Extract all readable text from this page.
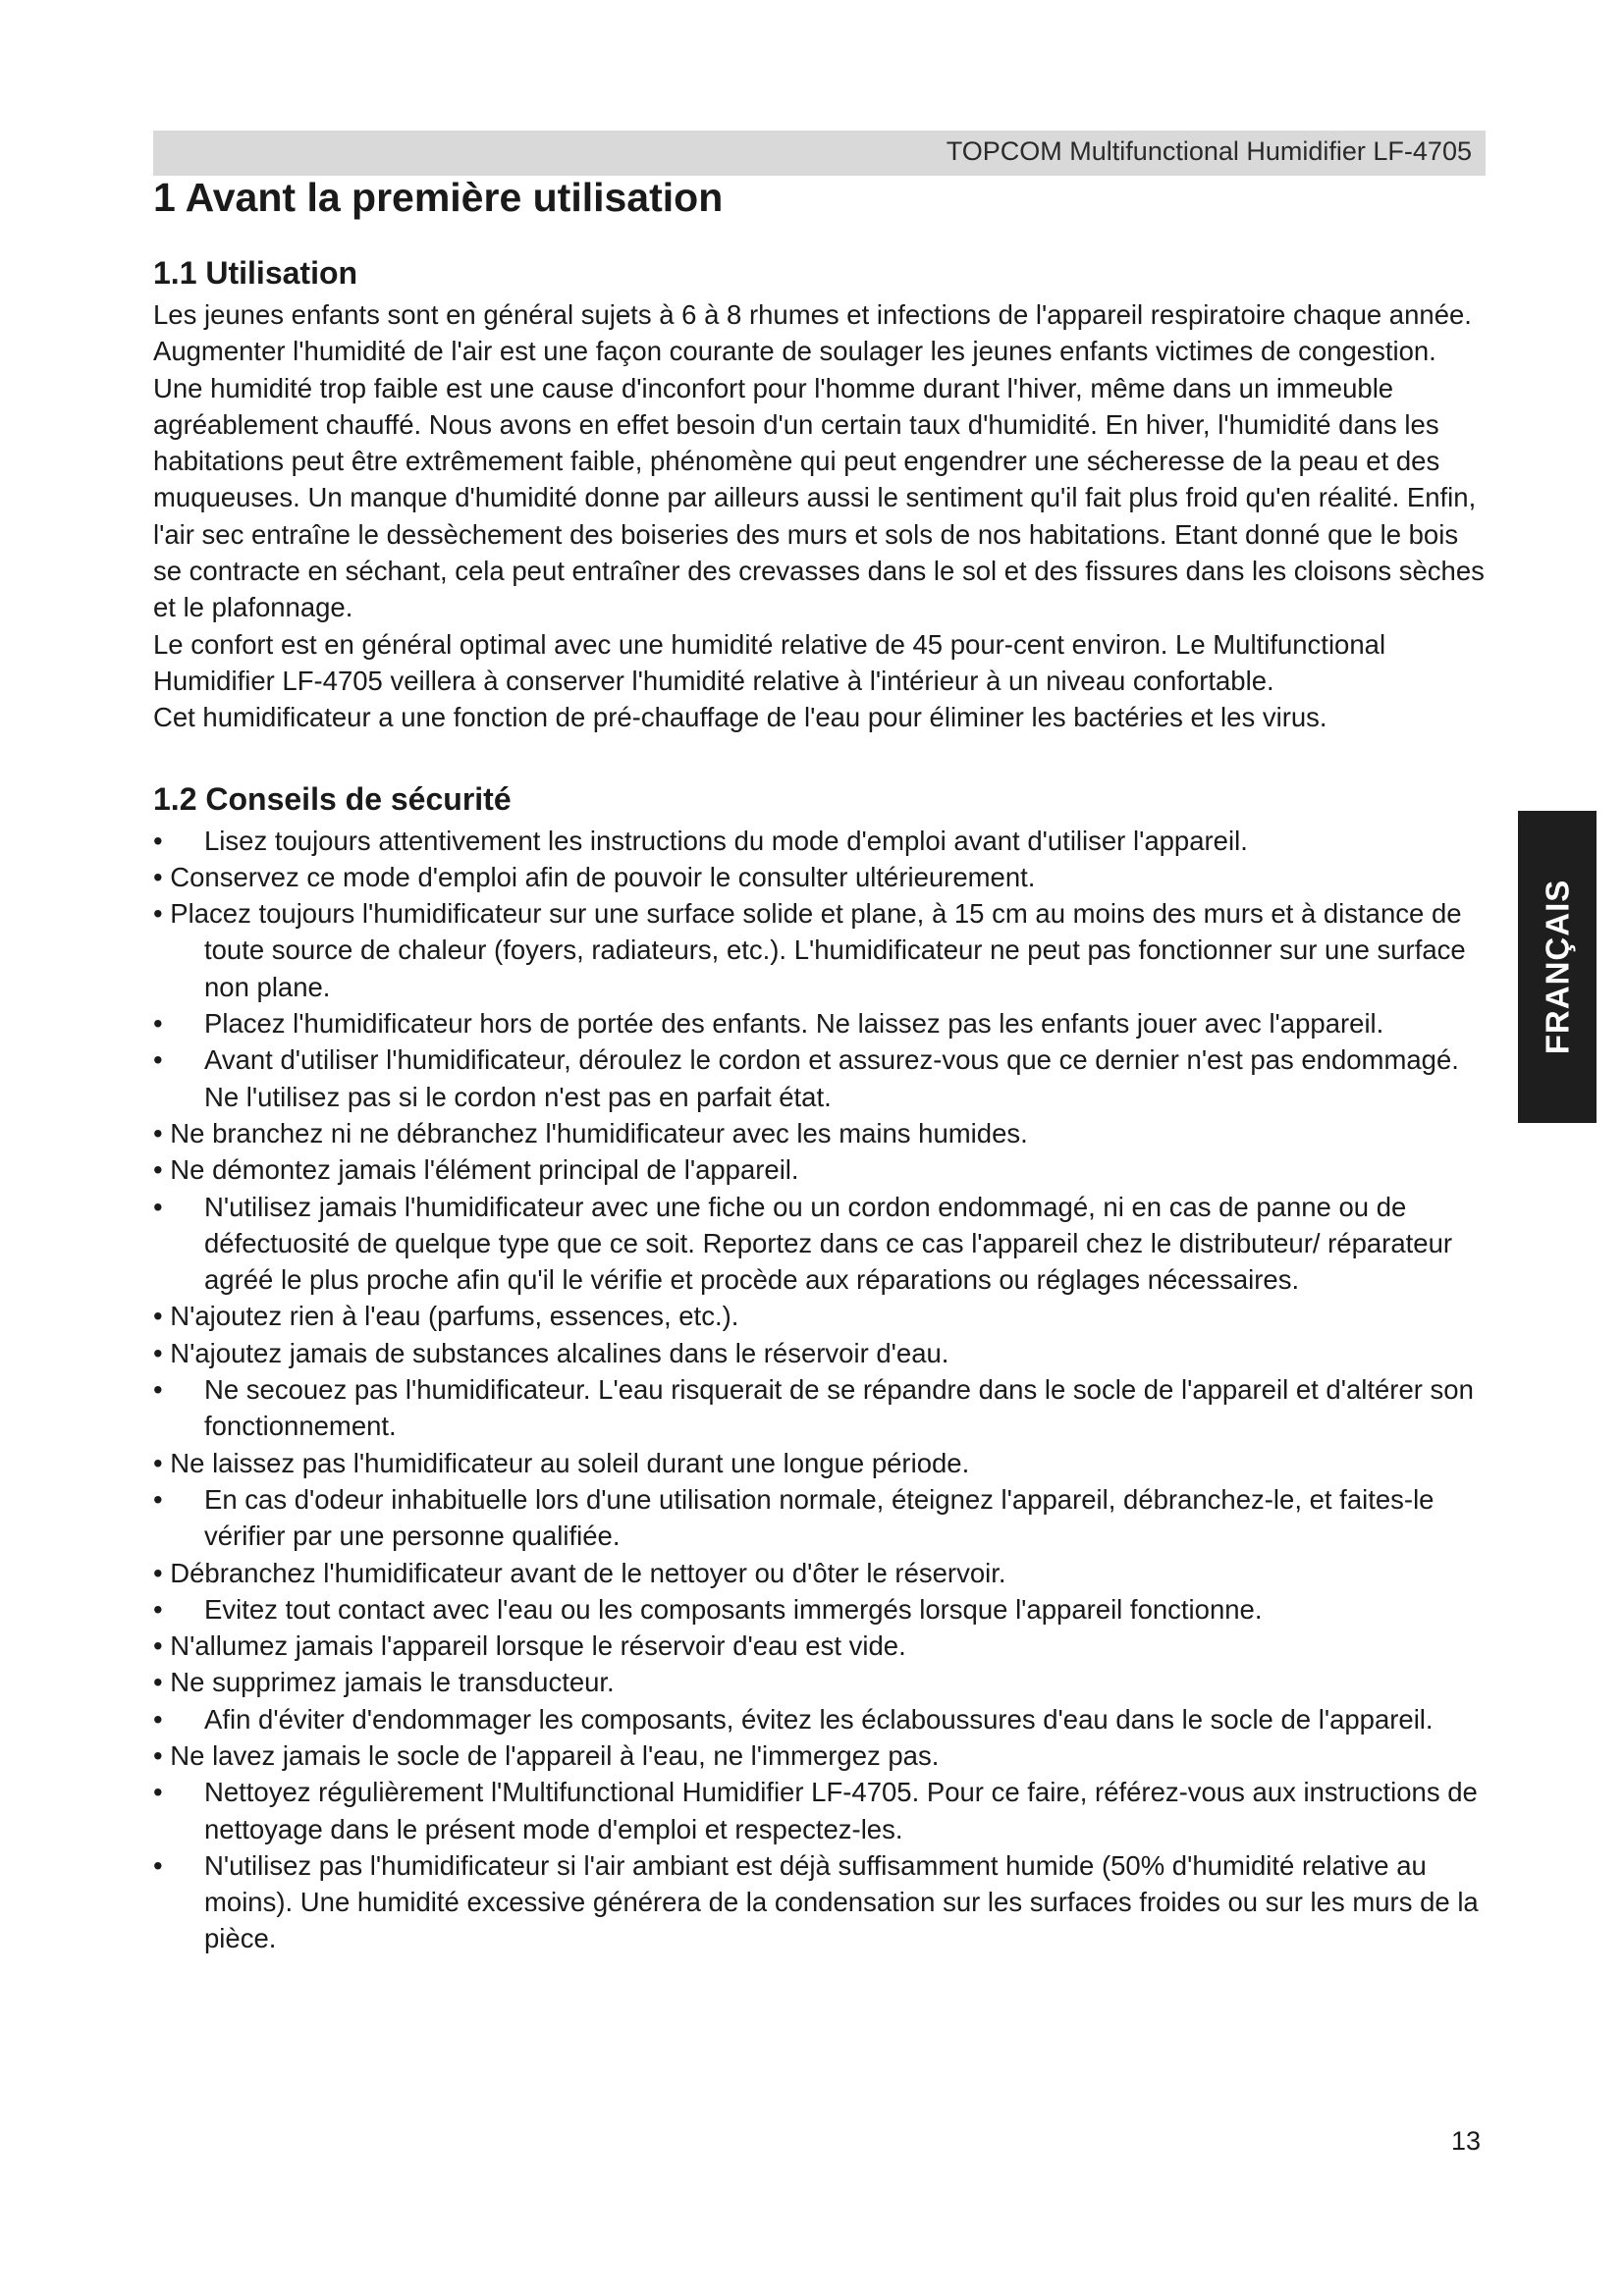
TOPCOM Multifunctional Humidifier LF-4705
1 Avant la première utilisation
1.1 Utilisation

Les jeunes enfants sont en général sujets à 6 à 8 rhumes et infections de l'appareil respiratoire chaque année. Augmenter l'humidité de l'air est une façon courante de soulager les jeunes enfants victimes de congestion.

Une humidité trop faible est une cause d'inconfort pour l'homme durant l'hiver, même dans un immeuble agréablement chauffé. Nous avons en effet besoin d'un certain taux d'humidité. En hiver, l'humidité dans les habitations peut être extrêmement faible, phénomène qui peut engendrer une sécheresse de la peau et des muqueuses. Un manque d'humidité donne par ailleurs aussi le sentiment qu'il fait plus froid qu'en réalité. Enfin, l'air sec entraîne le dessèchement des boiseries des murs et sols de nos habitations. Etant donné que le bois se contracte en séchant, cela peut entraîner des crevasses dans le sol et des fissures dans les cloisons sèches et le plafonnage.

Le confort est en général optimal avec une humidité relative de 45 pour-cent environ. Le Multifunctional Humidifier LF-4705 veillera à conserver l'humidité relative à l'intérieur à un niveau confortable.

Cet humidificateur a une fonction de pré-chauffage de l'eau pour éliminer les bactéries et les virus.

1.2 Conseils de sécurité
• Lisez toujours attentivement les instructions du mode d'emploi avant d'utiliser l'appareil.
• Conservez ce mode d'emploi afin de pouvoir le consulter ultérieurement.
• Placez toujours l'humidificateur sur une surface solide et plane, à 15 cm au moins des murs et à distance de toute source de chaleur (foyers, radiateurs, etc.). L'humidificateur ne peut pas fonctionner sur une surface non plane.
• Placez l'humidificateur hors de portée des enfants. Ne laissez pas les enfants jouer avec l'appareil.
• Avant d'utiliser l'humidificateur, déroulez le cordon et assurez-vous que ce dernier n'est pas endommagé. Ne l'utilisez pas si le cordon n'est pas en parfait état.
• Ne branchez ni ne débranchez l'humidificateur avec les mains humides.
• Ne démontez jamais l'élément principal de l'appareil.
• N'utilisez jamais l'humidificateur avec une fiche ou un cordon endommagé, ni en cas de panne ou de défectuosité de quelque type que ce soit. Reportez dans ce cas l'appareil chez le distributeur/ réparateur agréé le plus proche afin qu'il le vérifie et procède aux réparations ou réglages nécessaires.
• N'ajoutez rien à l'eau (parfums, essences, etc.).
• N'ajoutez jamais de substances alcalines dans le réservoir d'eau.
• Ne secouez pas l'humidificateur. L'eau risquerait de se répandre dans le socle de l'appareil et d'altérer son fonctionnement.
• Ne laissez pas l'humidificateur au soleil durant une longue période.
• En cas d'odeur inhabituelle lors d'une utilisation normale, éteignez l'appareil, débranchez-le, et faites-le vérifier par une personne qualifiée.
• Débranchez l'humidificateur avant de le nettoyer ou d'ôter le réservoir.
• Evitez tout contact avec l'eau ou les composants immergés lorsque l'appareil fonctionne.
• N'allumez jamais l'appareil lorsque le réservoir d'eau est vide.
• Ne supprimez jamais le transducteur.
• Afin d'éviter d'endommager les composants, évitez les éclaboussures d'eau dans le socle de l'appareil.
• Ne lavez jamais le socle de l'appareil à l'eau, ne l'immergez pas.
• Nettoyez régulièrement l'Multifunctional Humidifier LF-4705. Pour ce faire, référez-vous aux instructions de nettoyage dans le présent mode d'emploi et respectez-les.
• N'utilisez pas l'humidificateur si l'air ambiant est déjà suffisamment humide (50% d'humidité relative au moins). Une humidité excessive générera de la condensation sur les surfaces froides ou sur les murs de la pièce.
FRANÇAIS
13
